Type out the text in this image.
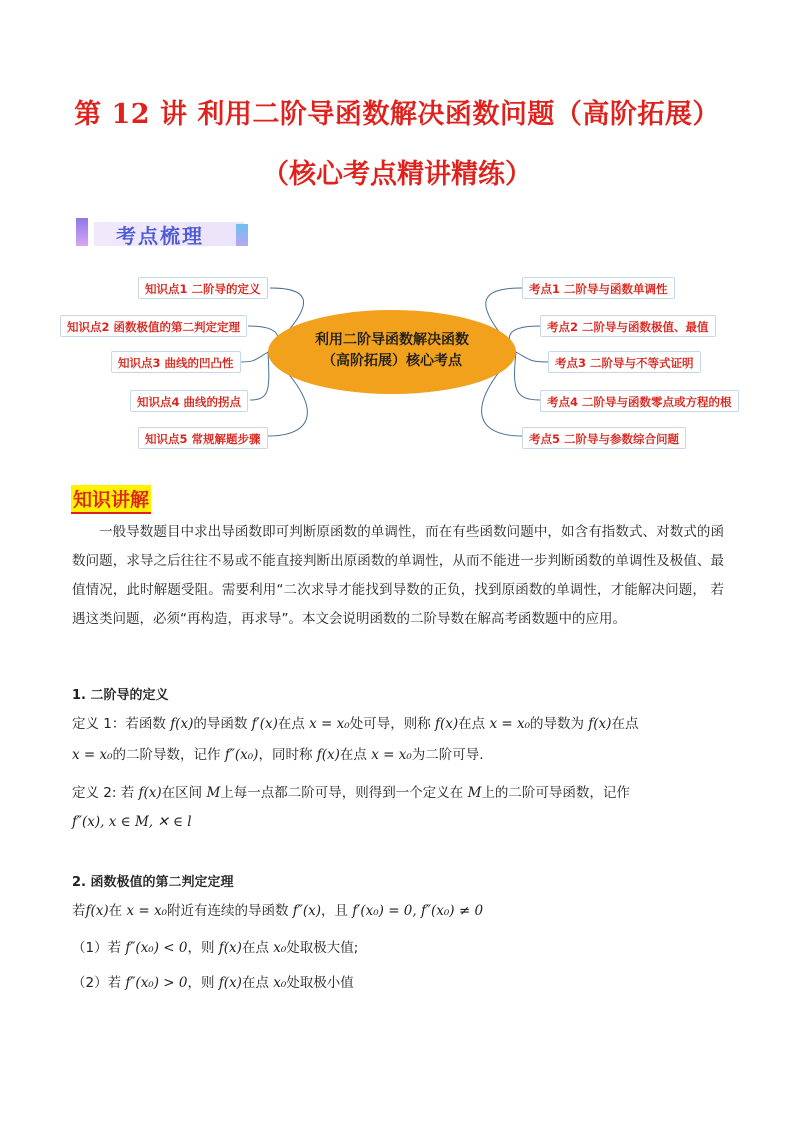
第 12 讲 利用二阶导函数解决函数问题（高阶拓展）
（核心考点精讲精练）
考点梳理
知识点1 二阶导的定义
知识点2 函数极值的第二判定定理
知识点3 曲线的凹凸性
知识点4 曲线的拐点
知识点5 常规解题步骤
利用二阶导函数解决函数
（高阶拓展）核心考点
考点1 二阶导与函数单调性
考点2 二阶导与函数极值、最值
考点3 二阶导与不等式证明
考点4 二阶导与函数零点或方程的根
考点5 二阶导与参数综合问题
知识讲解
一般导数题目中求出导函数即可判断原函数的单调性，而在有些函数问题中，如含有指数式、对数式的函数问题，求导之后往往不易或不能直接判断出原函数的单调性，从而不能进一步判断函数的单调性及极值、最值情况，此时解题受阻。需要利用“二次求导才能找到导数的正负，找到原函数的单调性，才能解决问题， 若遇这类问题，必须“再构造，再求导”。本文会说明函数的二阶导数在解高考函数题中的应用。
1. 二阶导的定义
定义 1：若函数 f(x)的导函数 f′(x)在点 x = x₀处可导，则称 f(x)在点 x = x₀的导数为 f(x)在点
x = x₀的二阶导数，记作 f″(x₀)，同时称 f(x)在点 x = x₀为二阶可导.
定义 2: 若 f(x)在区间 M上每一点都二阶可导，则得到一个定义在 M上的二阶可导函数，记作
f″(x), x ∈ M, ✕ ∈ l
2. 函数极值的第二判定定理
若f(x)在 x = x₀附近有连续的导函数 f″(x)，且 f′(x₀) = 0, f″(x₀) ≠ 0
（1）若 f″(x₀) < 0，则 f(x)在点 x₀处取极大值;
（2）若 f″(x₀) > 0，则 f(x)在点 x₀处取极小值
